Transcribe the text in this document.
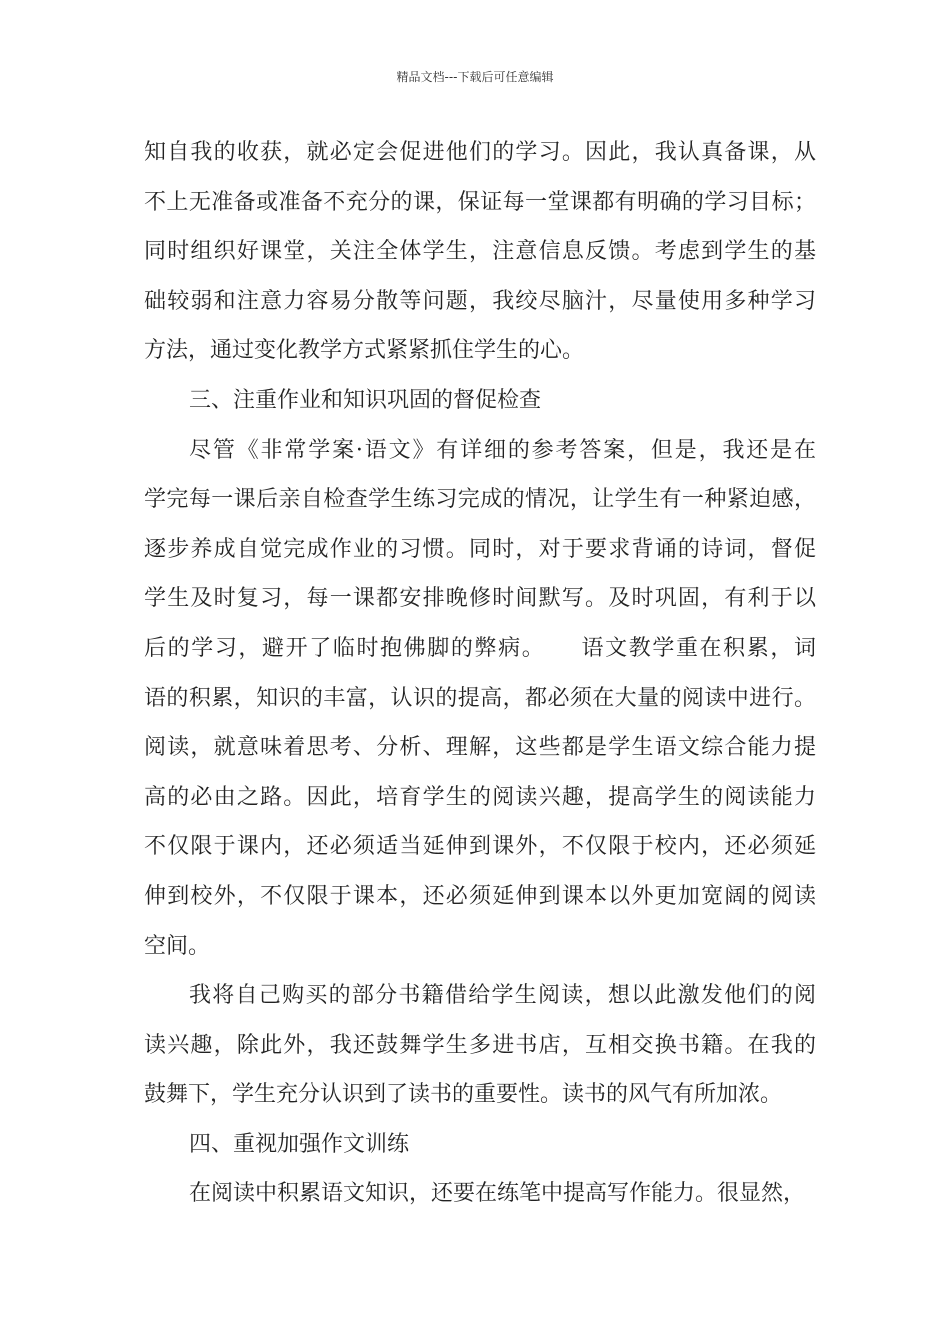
精品文档---下载后可任意编辑
知自我的收获，就必定会促进他们的学习。因此，我认真备课，从
不上无准备或准备不充分的课，保证每一堂课都有明确的学习目标；
同时组织好课堂，关注全体学生，注意信息反馈。考虑到学生的基
础较弱和注意力容易分散等问题，我绞尽脑汁，尽量使用多种学习
方法，通过变化教学方式紧紧抓住学生的心。
三、注重作业和知识巩固的督促检查
尽管《非常学案·语文》有详细的参考答案，但是，我还是在
学完每一课后亲自检查学生练习完成的情况，让学生有一种紧迫感，
逐步养成自觉完成作业的习惯。同时，对于要求背诵的诗词，督促
学生及时复习，每一课都安排晚修时间默写。及时巩固，有利于以
后的学习，避开了临时抱佛脚的弊病。　　语文教学重在积累，词
语的积累，知识的丰富，认识的提高，都必须在大量的阅读中进行。
阅读，就意味着思考、分析、理解，这些都是学生语文综合能力提
高的必由之路。因此，培育学生的阅读兴趣，提高学生的阅读能力
不仅限于课内，还必须适当延伸到课外，不仅限于校内，还必须延
伸到校外，不仅限于课本，还必须延伸到课本以外更加宽阔的阅读
空间。
我将自己购买的部分书籍借给学生阅读，想以此激发他们的阅
读兴趣，除此外，我还鼓舞学生多进书店，互相交换书籍。在我的
鼓舞下，学生充分认识到了读书的重要性。读书的风气有所加浓。
四、重视加强作文训练
在阅读中积累语文知识，还要在练笔中提高写作能力。很显然，
